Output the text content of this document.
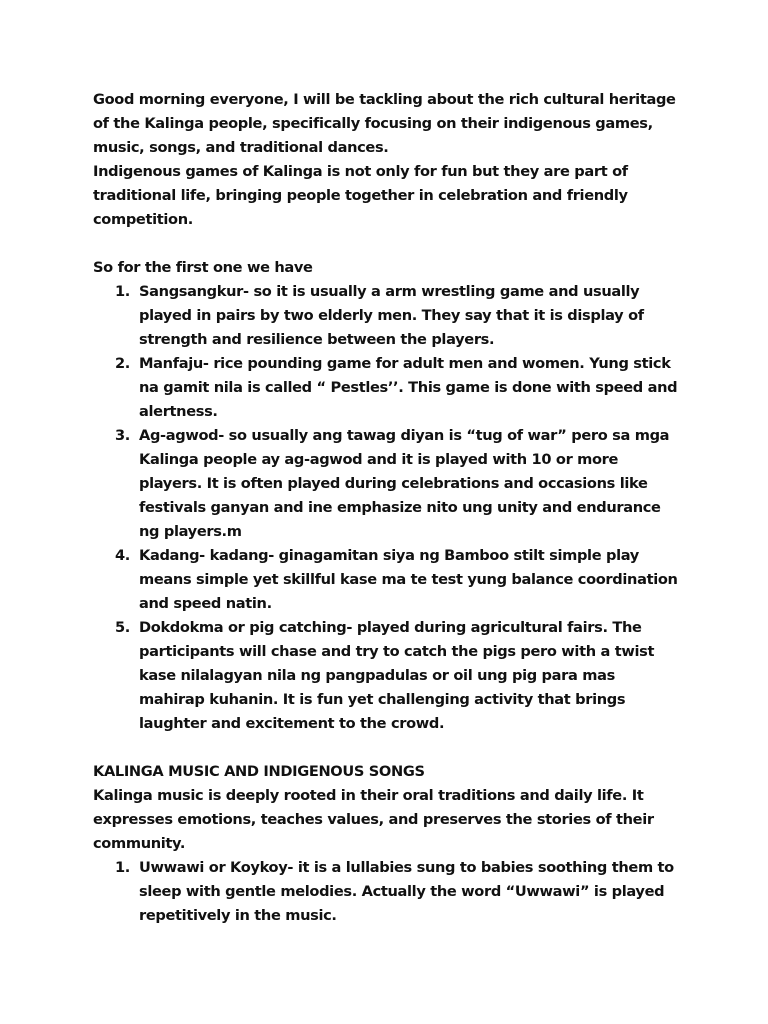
Good morning everyone, I will be tackling about the rich cultural heritage of the Kalinga people, specifically focusing on their indigenous games, music, songs, and traditional dances.

Indigenous games of Kalinga is not only for fun but they are part of traditional life, bringing people together in celebration and friendly competition.

So for the first one we have

1. Sangsangkur- so it is usually a arm wrestling game and usually played in pairs by two elderly men. They say that it is display of strength and resilience between the players.
2. Manfaju- rice pounding game for adult men and women. Yung stick na gamit nila is called “ Pestles’’. This game is done with speed and alertness.
3. Ag-agwod- so usually ang tawag diyan is “tug of war” pero sa mga Kalinga people ay ag-agwod and it is played with 10 or more players. It is often played during celebrations and occasions like festivals ganyan and ine emphasize nito ung unity and endurance ng players.m
4. Kadang- kadang- ginagamitan siya ng Bamboo stilt simple play means simple yet skillful kase ma te test yung balance coordination and speed natin.
5. Dokdokma or pig catching- played during agricultural fairs. The participants will chase and try to catch the pigs pero with a twist kase nilalagyan nila ng pangpadulas or oil ung pig para mas mahirap kuhanin. It is fun yet challenging activity that brings laughter and excitement to the crowd.

KALINGA MUSIC AND INDIGENOUS SONGS

Kalinga music is deeply rooted in their oral traditions and daily life. It expresses emotions, teaches values, and preserves the stories of their community.

1. Uwwawi or Koykoy- it is a lullabies sung to babies soothing them to sleep with gentle melodies. Actually the word “Uwwawi” is played repetitively in the music.
